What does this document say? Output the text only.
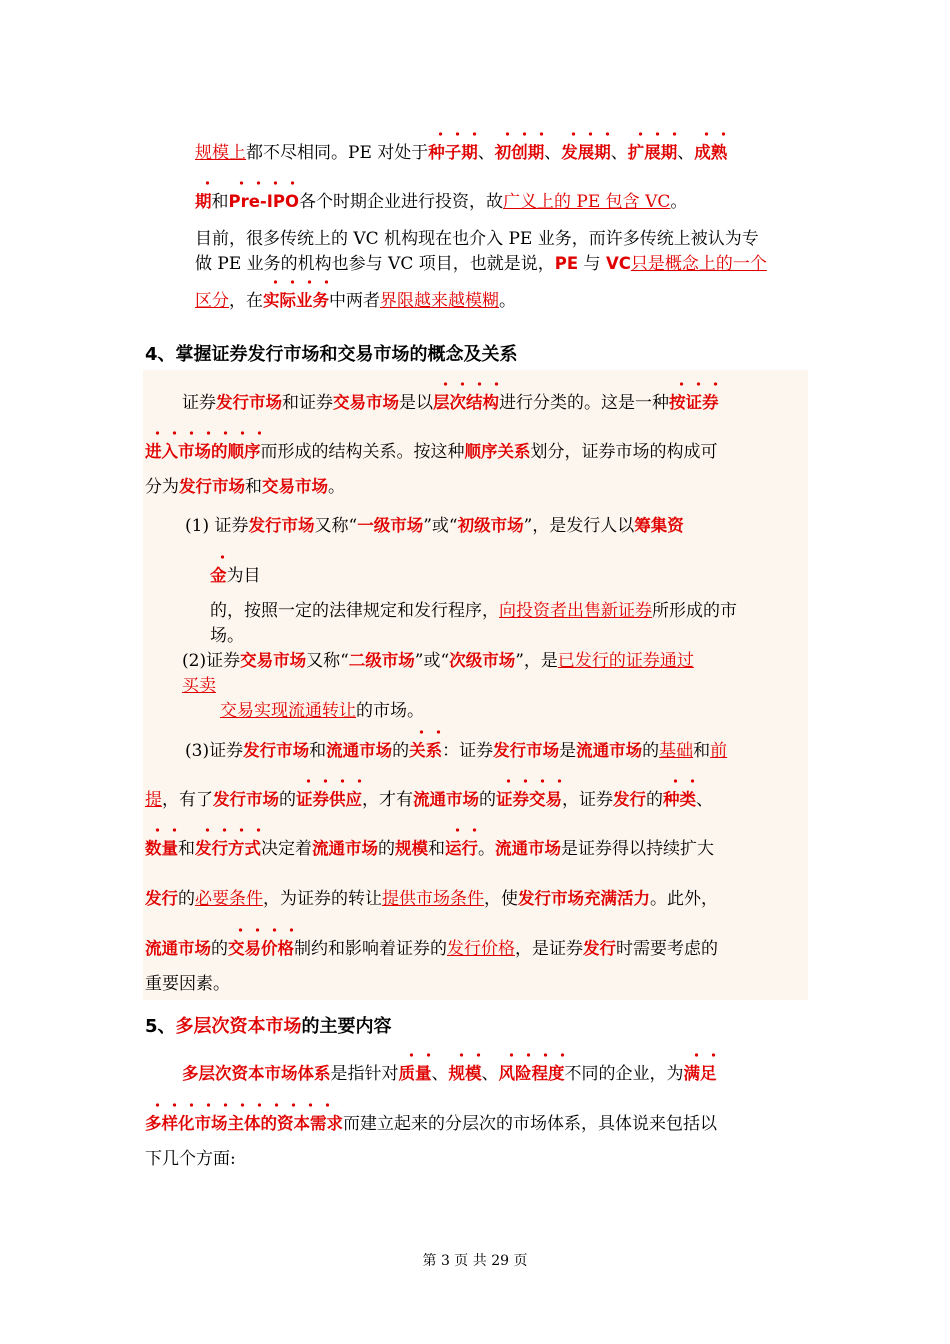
规模上都不尽相同。PE 对处于
种子期、
初创期、
发展期、
扩展期、
成熟
期和
Pre-IPO各个时期企业进行投资，故广义上的 PE 包含 VC。
目前，很多传统上的 VC 机构现在也介入 PE 业务，而许多传统上被认为专
做 PE 业务的机构也参与 VC 项目，也就是说，PE 与 VC只是概念上的一个
区分，在
实际业务中两者界限越来越模糊。
4、掌握证券发行市场和交易市场的概念及关系
证券发行市场和证券交易市场是以
层次结构进行分类的。这是一种
按证券
进入市场的顺序而形成的结构关系。按这种顺序关系划分，证券市场的构成可
分为发行市场和交易市场。
(1) 证券发行市场又称“一级市场”或“初级市场”，是发行人以筹集资
金为目
的，按照一定的法律规定和发行程序，向投资者出售新证券所形成的市
场。
(2)证券交易市场又称“二级市场”或“次级市场”，是已发行的证券通过
买卖
交易实现流通转让的市场。
(3)证券发行市场和流通市场的
关系：证券发行市场是流通市场的基础和前
提，有了发行市场的
证券供应，才有流通市场的
证券交易，证券发行的
种类、
数量和
发行方式决定着流通市场的规模和
运行。流通市场是证券得以持续扩大
发行的必要条件，为证券的转让提供市场条件，使发行市场充满活力。此外，
流通市场的
交易价格制约和影响着证券的发行价格，是证券发行时需要考虑的
重要因素。
5、多层次资本市场的主要内容
多层次资本市场体系是指针对
质量、
规模、
风险程度不同的企业，为
满足
多样化市场主体的资本需求而建立起来的分层次的市场体系，具体说来包括以
下几个方面:
第 3 页 共 29 页
